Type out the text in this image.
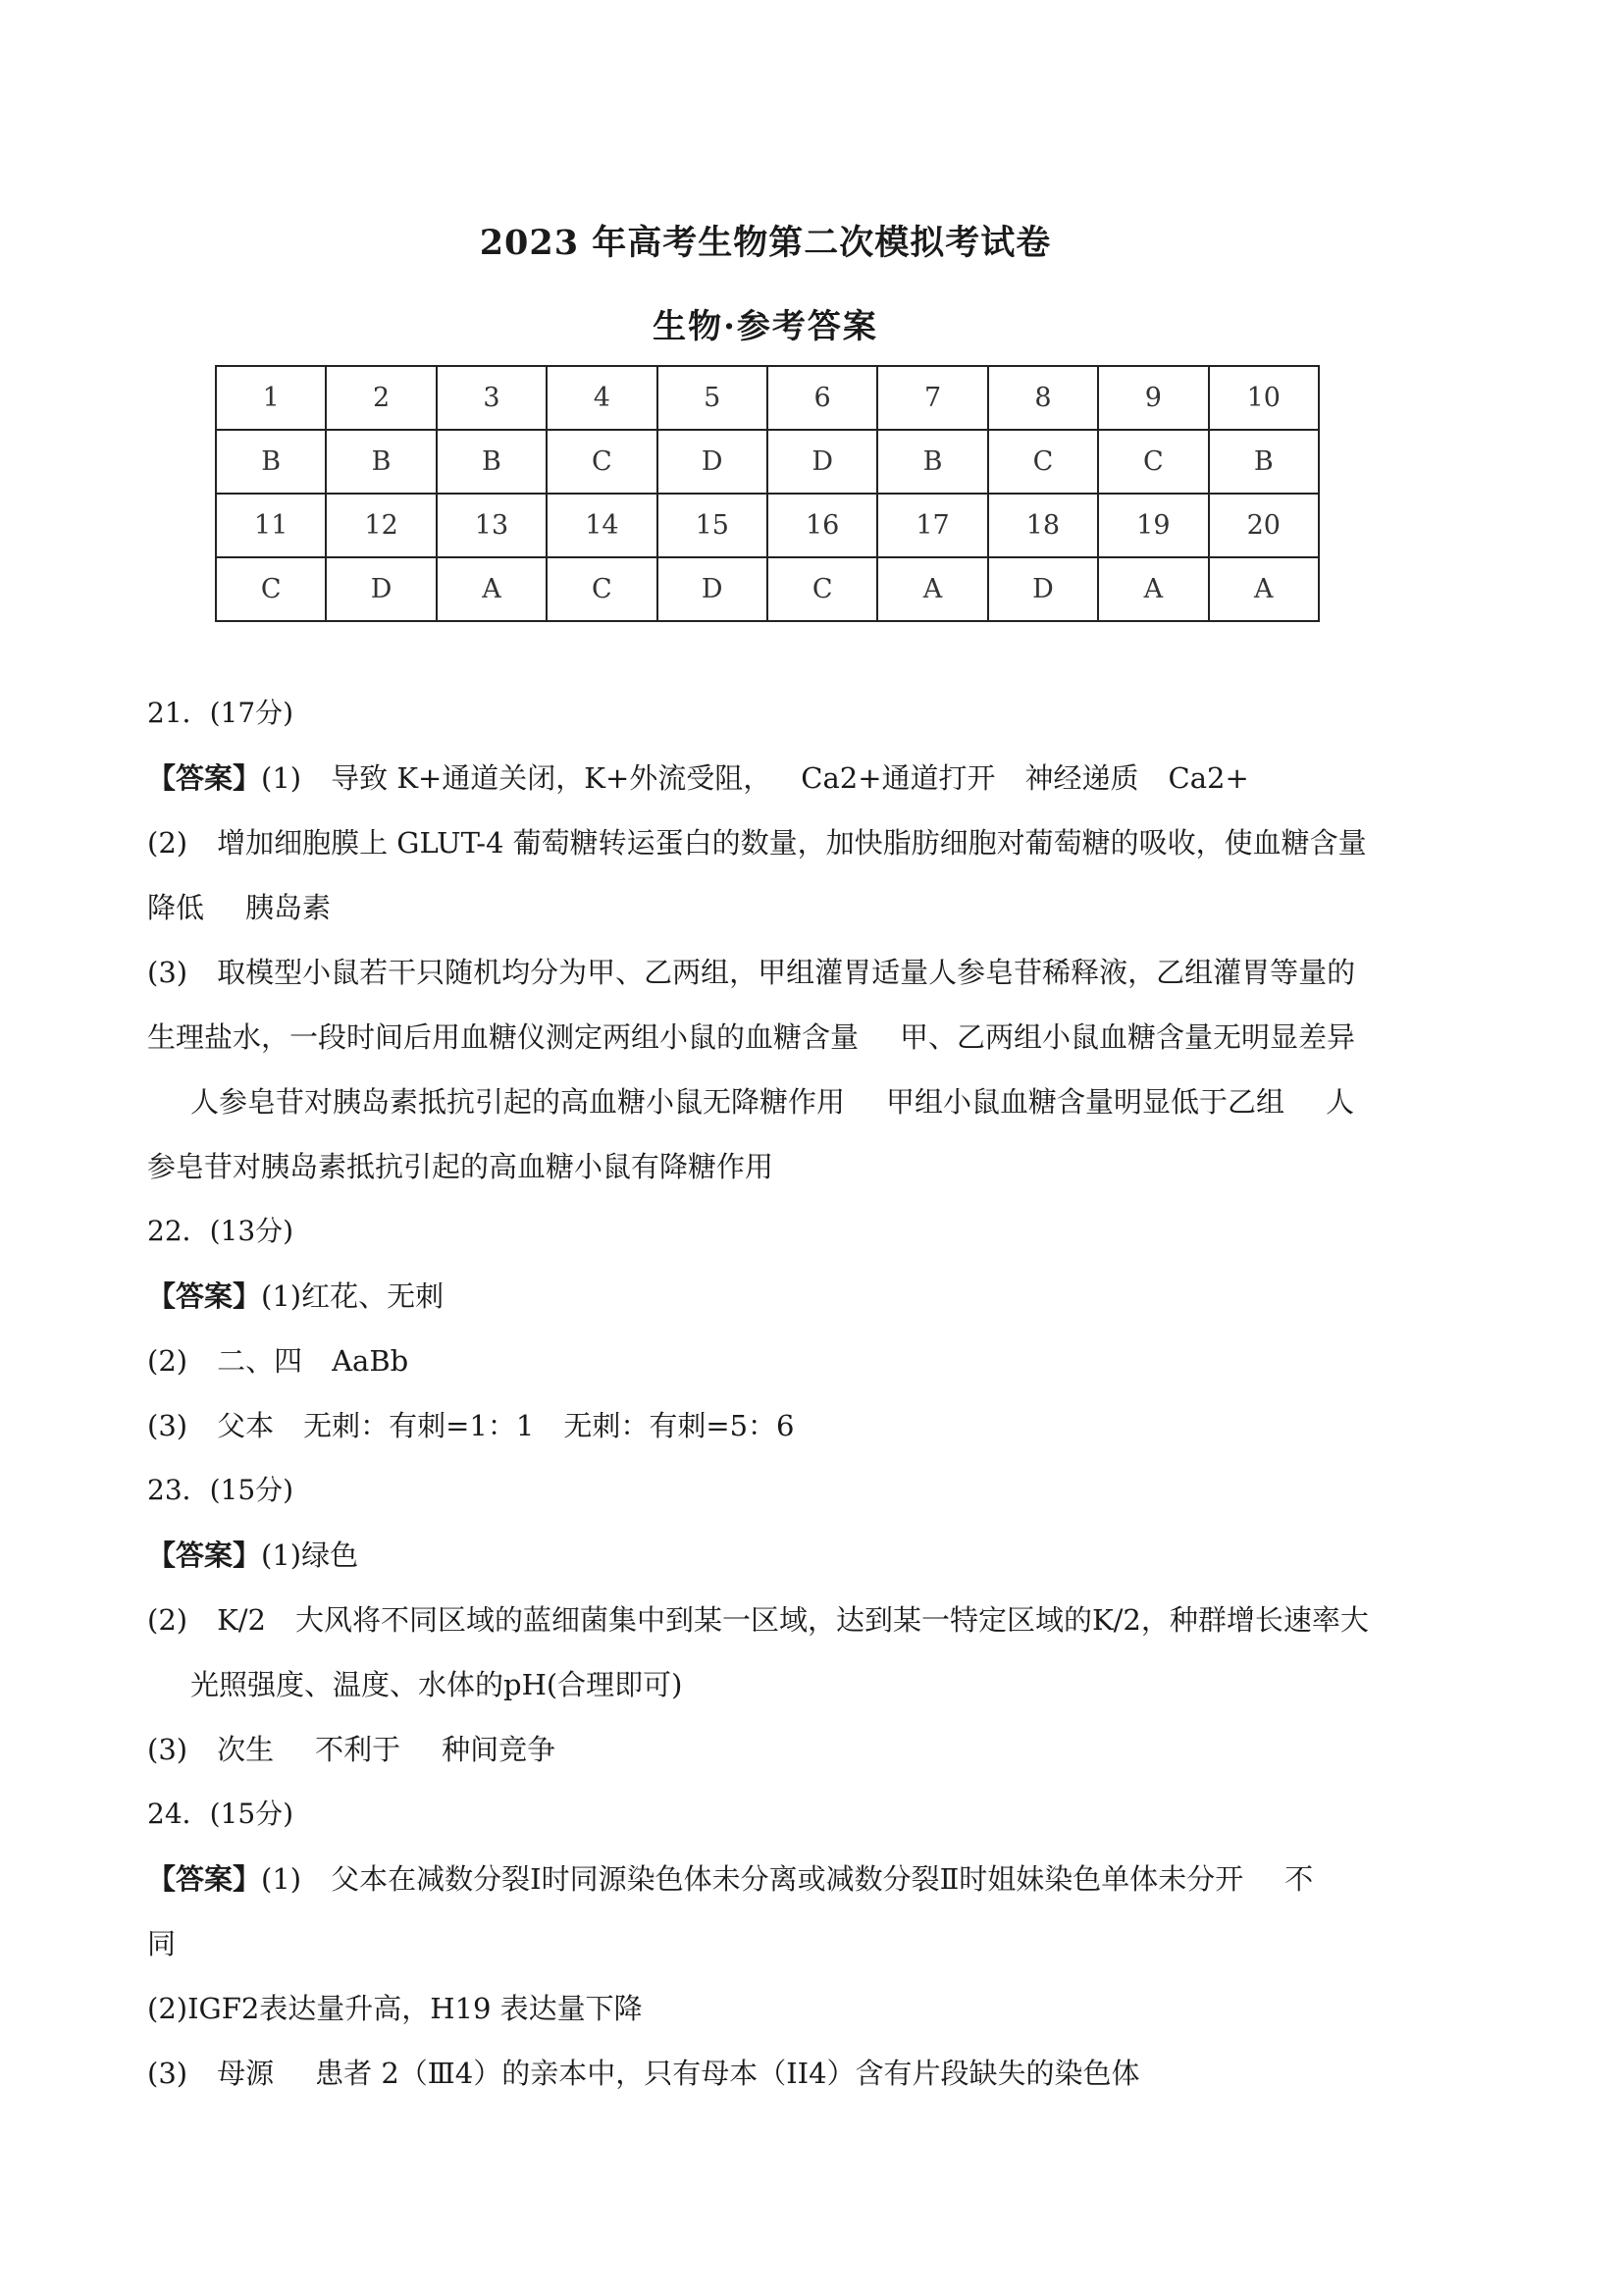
2023 年高考生物第二次模拟考试卷
生物·参考答案
1	2	3	4	5	6	7	8	9	10
B	B	B	C	D	D	B	C	C	B
11	12	13	14	15	16	17	18	19	20
C	D	A	C	D	C	A	D	A	A
21．(17分)
【答案】(1) 导致 K+通道关闭，K+外流受阻， Ca2+通道打开 神经递质 Ca2+
(2) 增加细胞膜上 GLUT-4 葡萄糖转运蛋白的数量，加快脂肪细胞对葡萄糖的吸收，使血糖含量
降低 胰岛素
(3) 取模型小鼠若干只随机均分为甲、乙两组，甲组灌胃适量人参皂苷稀释液，乙组灌胃等量的
生理盐水，一段时间后用血糖仪测定两组小鼠的血糖含量 甲、乙两组小鼠血糖含量无明显差异
人参皂苷对胰岛素抵抗引起的高血糖小鼠无降糖作用 甲组小鼠血糖含量明显低于乙组 人
参皂苷对胰岛素抵抗引起的高血糖小鼠有降糖作用
22．(13分)
【答案】(1)红花、无刺
(2) 二、四 AaBb
(3) 父本 无刺：有刺=1：1 无刺：有刺=5：6
23．(15分)
【答案】(1)绿色
(2) K/2 大风将不同区域的蓝细菌集中到某一区域，达到某一特定区域的K/2，种群增长速率大
光照强度、温度、水体的pH(合理即可)
(3) 次生 不利于 种间竞争
24．(15分)
【答案】(1) 父本在减数分裂Ⅰ时同源染色体未分离或减数分裂Ⅱ时姐妹染色单体未分开 不
同
(2)IGF2表达量升高，H19 表达量下降
(3) 母源 患者 2（Ⅲ4）的亲本中，只有母本（II4）含有片段缺失的染色体
